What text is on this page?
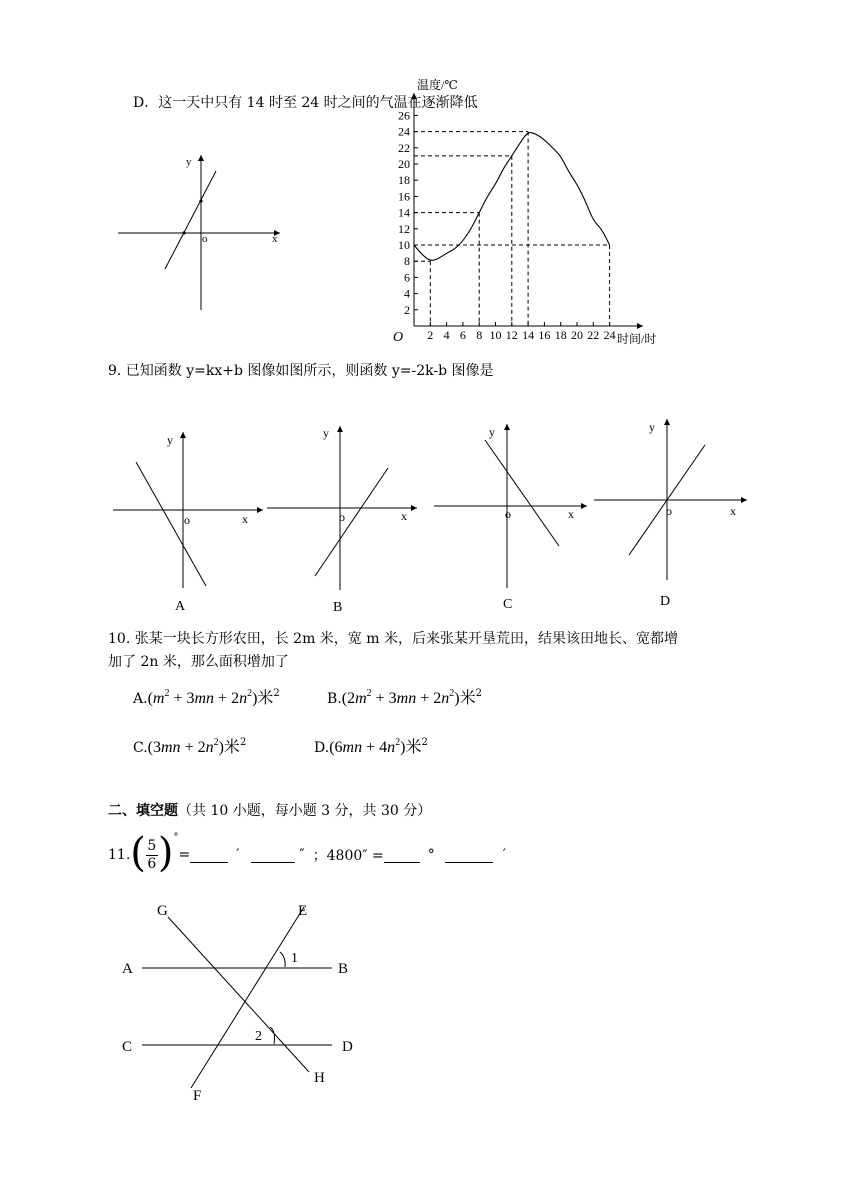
D．这一天中只有 14 时至 24 时之间的气温在逐渐降低
y
x
o
2
4
6
8
10
12
14
16
18
20
22
24
26
2 4 6 8 10 12 14 16 18 20 22 24
温度/℃
时间/时
O
9. 已知函数 y=kx+b 图像如图所示，则函数 y=-2k-b 图像是
y
x
o
A
y
x
o
B
y
x
o
C
y
x
o
D
10. 张某一块长方形农田，长 2m 米，宽 m 米，后来张某开垦荒田，结果该田地长、宽都增
加了 2n 米，那么面积增加了
$A.(m^2 + 3mn + 2n^2)$米$^2$	$B.(2m^2 + 3mn + 2n^2)$米$^2$
$C.(3mn + 2n^2)$米$^2$	$D.(6mn + 4n^2)$米$^2$
二、填空题（共 10 小题，每小题 3 分，共 30 分）
11. ( 5
6 ) °
=	′	″ ；4800″ =	°	′
G	E
A	B
C	D
F
H
1
2
